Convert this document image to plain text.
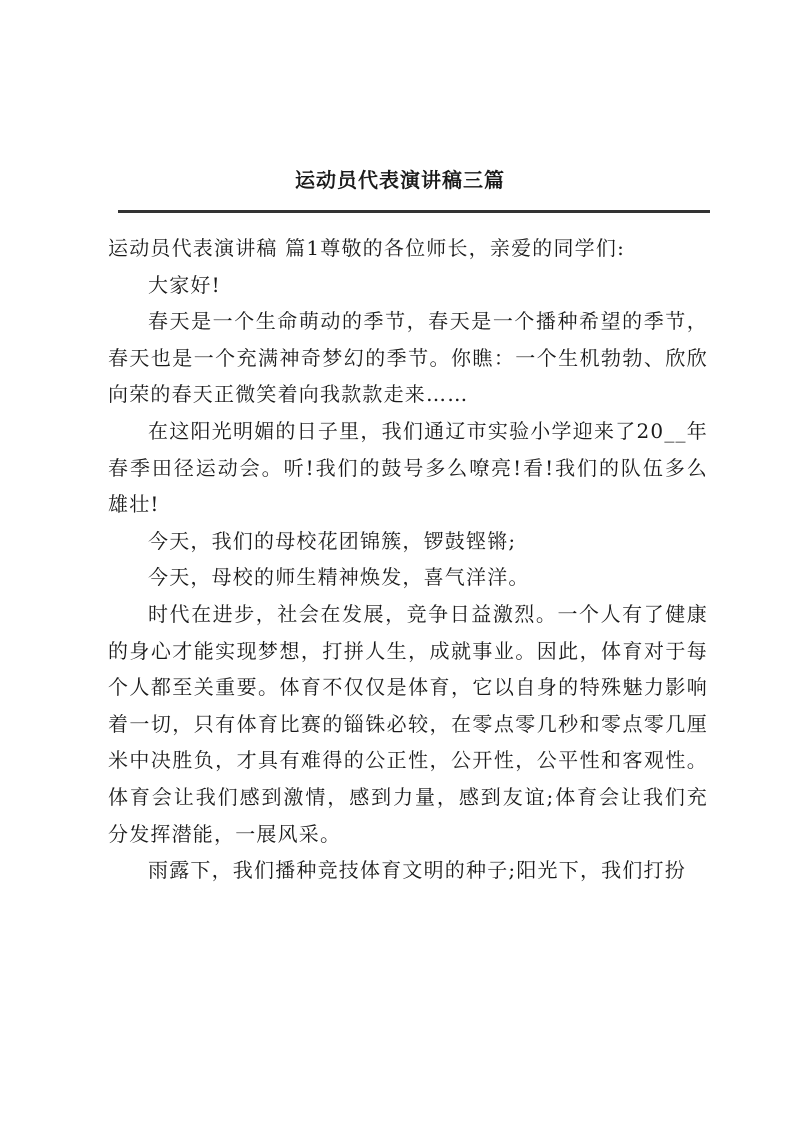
运动员代表演讲稿三篇

运动员代表演讲稿 篇1尊敬的各位师长，亲爱的同学们:

大家好!

春天是一个生命萌动的季节，春天是一个播种希望的季节，春天也是一个充满神奇梦幻的季节。你瞧：一个生机勃勃、欣欣向荣的春天正微笑着向我款款走来……

在这阳光明媚的日子里，我们通辽市实验小学迎来了20__年春季田径运动会。听!我们的鼓号多么嘹亮!看!我们的队伍多么雄壮!

今天，我们的母校花团锦簇，锣鼓铿锵;

今天，母校的师生精神焕发，喜气洋洋。

时代在进步，社会在发展，竞争日益激烈。一个人有了健康的身心才能实现梦想，打拼人生，成就事业。因此，体育对于每个人都至关重要。体育不仅仅是体育，它以自身的特殊魅力影响着一切，只有体育比赛的锱铢必较，在零点零几秒和零点零几厘米中决胜负，才具有难得的公正性，公开性，公平性和客观性。体育会让我们感到激情，感到力量，感到友谊;体育会让我们充分发挥潜能，一展风采。

雨露下，我们播种竞技体育文明的种子;阳光下，我们打扮
